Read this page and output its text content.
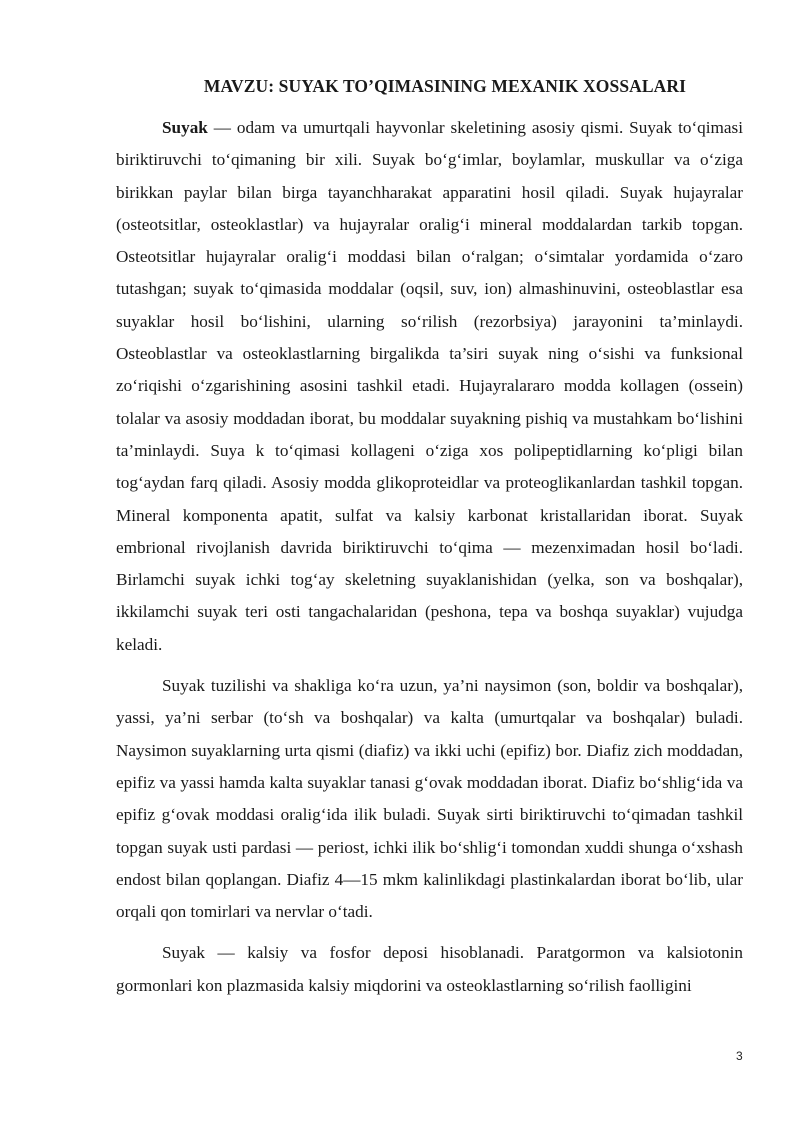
MAVZU: SUYAK TO’QIMASINING MEXANIK XOSSALARI

Suyak — odam va umurtqali hayvonlar skeletining asosiy qismi. Suyak to‘qimasi biriktiruvchi to‘qimaning bir xili. Suyak bo‘g‘imlar, boylamlar, muskullar va o‘ziga birikkan paylar bilan birga tayanchharakat apparatini hosil qiladi. Suyak hujayralar (osteotsitlar, osteoklastlar) va hujayralar oralig‘i mineral moddalardan tarkib topgan. Osteotsitlar hujayralar oralig‘i moddasi bilan o‘ralgan; o‘simtalar yordamida o‘zaro tutashgan; suyak to‘qimasida moddalar (oqsil, suv, ion) almashinuvini, osteoblastlar esa suyaklar hosil bo‘lishini, ularning so‘rilish (rezorbsiya) jarayonini ta’minlaydi. Osteoblastlar va osteoklastlarning birgalikda ta’siri suyak ning o‘sishi va funksional zo‘riqishi o‘zgarishining asosini tashkil etadi. Hujayralararo modda kollagen (ossein) tolalar va asosiy moddadan iborat, bu moddalar suyakning pishiq va mustahkam bo‘lishini ta’minlaydi. Suya k to‘qimasi kollageni o‘ziga xos polipeptidlarning ko‘pligi bilan tog‘aydan farq qiladi. Asosiy modda glikoproteidlar va proteoglikanlardan tashkil topgan. Mineral komponenta apatit, sulfat va kalsiy karbonat kristallaridan iborat. Suyak embrional rivojlanish davrida biriktiruvchi to‘qima — mezenximadan hosil bo‘ladi. Birlamchi suyak ichki tog‘ay skeletning suyaklanishidan (yelka, son va boshqalar), ikkilamchi suyak teri osti tangachalaridan (peshona, tepa va boshqa suyaklar) vujudga keladi.

Suyak tuzilishi va shakliga ko‘ra uzun, ya’ni naysimon (son, boldir va boshqalar), yassi, ya’ni serbar (to‘sh va boshqalar) va kalta (umurtqalar va boshqalar) buladi. Naysimon suyaklarning urta qismi (diafiz) va ikki uchi (epifiz) bor. Diafiz zich moddadan, epifiz va yassi hamda kalta suyaklar tanasi g‘ovak moddadan iborat. Diafiz bo‘shlig‘ida va epifiz g‘ovak moddasi oralig‘ida ilik buladi. Suyak sirti biriktiruvchi to‘qimadan tashkil topgan suyak usti pardasi — periost, ichki ilik bo‘shlig‘i tomondan xuddi shunga o‘xshash endost bilan qoplangan. Diafiz 4—15 mkm kalinlikdagi plastinkalardan iborat bo‘lib, ular orqali qon tomirlari va nervlar o‘tadi.

Suyak — kalsiy va fosfor deposi hisoblanadi. Paratgormon va kalsiotonin gormonlari kon plazmasida kalsiy miqdorini va osteoklastlarning so‘rilish faolligini

3
